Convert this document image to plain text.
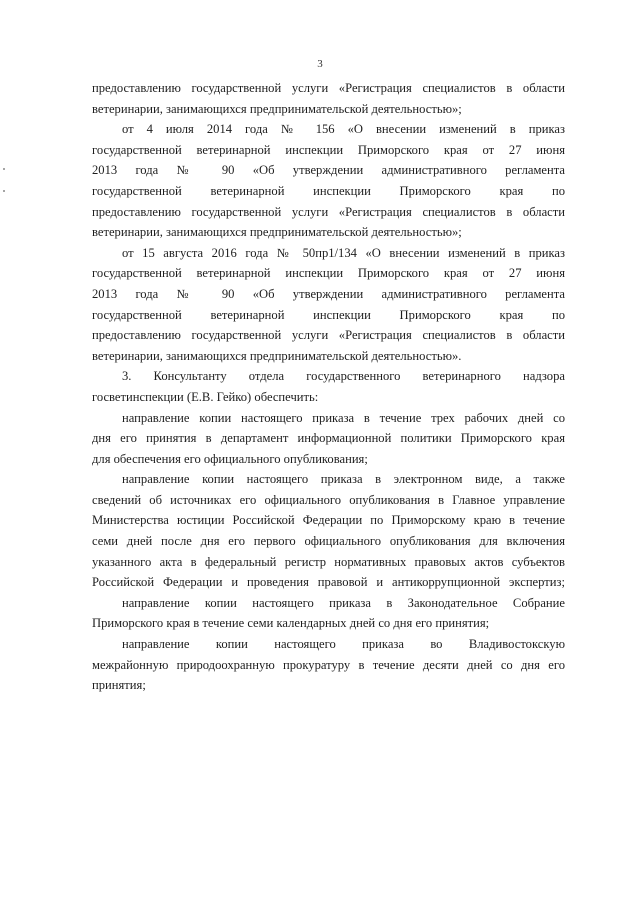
3
предоставлению государственной услуги «Регистрация специалистов в области
ветеринарии, занимающихся предпринимательской деятельностью»;
от 4 июля 2014 года № 156 «О внесении изменений в приказ
государственной ветеринарной инспекции Приморского края от 27 июня
2013 года № 90 «Об утверждении административного регламента
государственной ветеринарной инспекции Приморского края по
предоставлению государственной услуги «Регистрация специалистов в области
ветеринарии, занимающихся предпринимательской деятельностью»;
от 15 августа 2016 года № 50пр1/134 «О внесении изменений в приказ
государственной ветеринарной инспекции Приморского края от 27 июня
2013 года № 90 «Об утверждении административного регламента
государственной ветеринарной инспекции Приморского края по
предоставлению государственной услуги «Регистрация специалистов в области
ветеринарии, занимающихся предпринимательской деятельностью».
3. Консультанту отдела государственного ветеринарного надзора
госветинспекции (Е.В. Гейко) обеспечить:
направление копии настоящего приказа в течение трех рабочих дней со
дня его принятия в департамент информационной политики Приморского края
для обеспечения его официального опубликования;
направление копии настоящего приказа в электронном виде, а также
сведений об источниках его официального опубликования в Главное управление
Министерства юстиции Российской Федерации по Приморскому краю в течение
семи дней после дня его первого официального опубликования для включения
указанного акта в федеральный регистр нормативных правовых актов субъектов
Российской Федерации и проведения правовой и антикоррупционной экспертиз;
направление копии настоящего приказа в Законодательное Собрание
Приморского края в течение семи календарных дней со дня его принятия;
направление копии настоящего приказа во Владивостокскую
межрайонную природоохранную прокуратуру в течение десяти дней со дня его
принятия;
